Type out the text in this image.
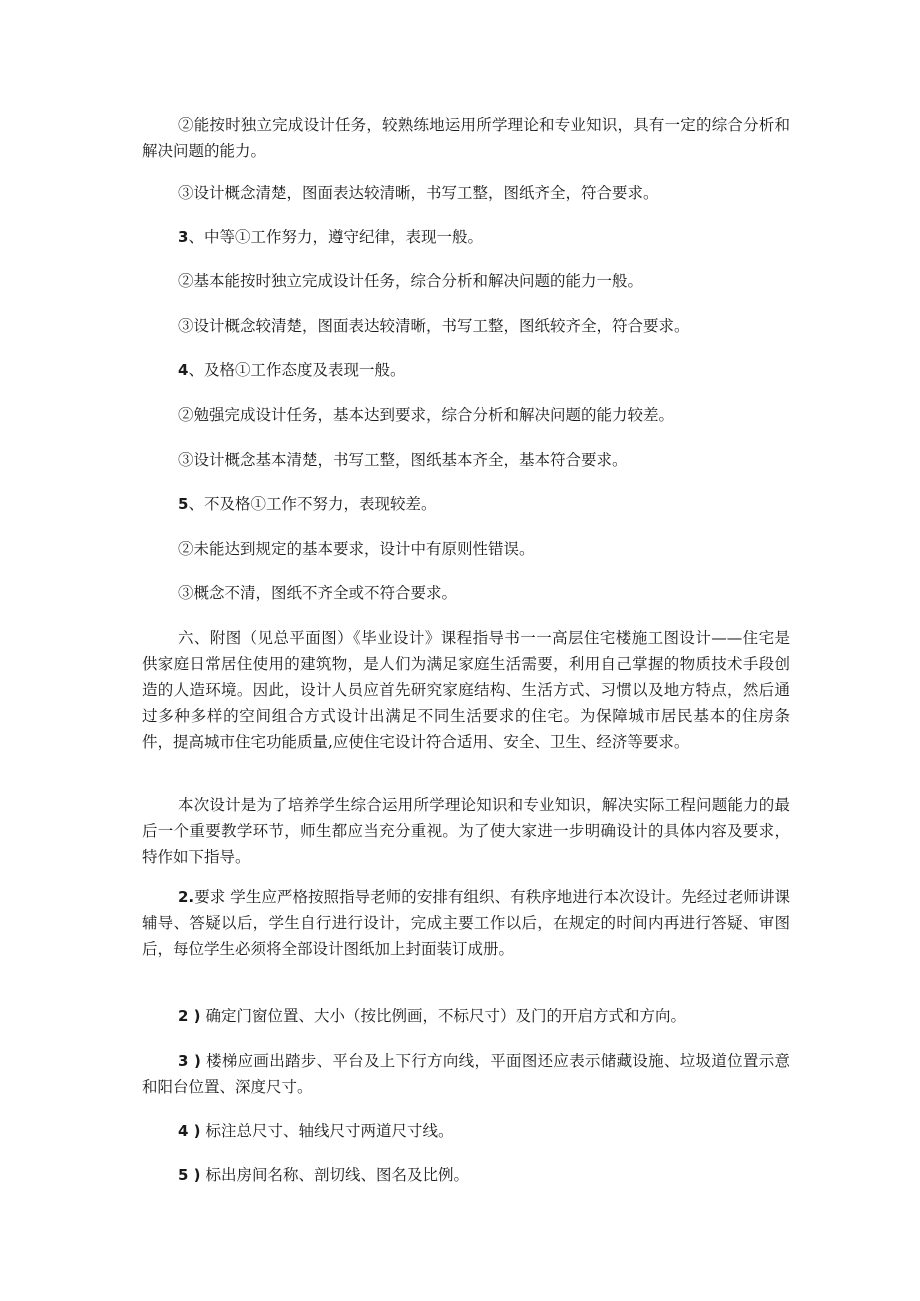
②能按时独立完成设计任务，较熟练地运用所学理论和专业知识，具有一定的综合分析和解决问题的能力。

③设计概念清楚，图面表达较清晰，书写工整，图纸齐全，符合要求。

3、中等①工作努力，遵守纪律，表现一般。

②基本能按时独立完成设计任务，综合分析和解决问题的能力一般。

③设计概念较清楚，图面表达较清晰，书写工整，图纸较齐全，符合要求。

4、及格①工作态度及表现一般。

②勉强完成设计任务，基本达到要求，综合分析和解决问题的能力较差。

③设计概念基本清楚，书写工整，图纸基本齐全，基本符合要求。

5、不及格①工作不努力，表现较差。

②未能达到规定的基本要求，设计中有原则性错误。

③概念不清，图纸不齐全或不符合要求。

六、附图（见总平面图）《毕业设计》课程指导书一一高层住宅楼施工图设计——住宅是供家庭日常居住使用的建筑物，是人们为满足家庭生活需要，利用自己掌握的物质技术手段创造的人造环境。因此，设计人员应首先研究家庭结构、生活方式、习惯以及地方特点，然后通过多种多样的空间组合方式设计出满足不同生活要求的住宅。为保障城市居民基本的住房条件，提高城市住宅功能质量,应使住宅设计符合适用、安全、卫生、经济等要求。

本次设计是为了培养学生综合运用所学理论知识和专业知识，解决实际工程问题能力的最后一个重要教学环节，师生都应当充分重视。为了使大家进一步明确设计的具体内容及要求，特作如下指导。

2.要求 学生应严格按照指导老师的安排有组织、有秩序地进行本次设计。先经过老师讲课辅导、答疑以后，学生自行进行设计，完成主要工作以后，在规定的时间内再进行答疑、审图后，每位学生必须将全部设计图纸加上封面装订成册。

2 ) 确定门窗位置、大小（按比例画，不标尺寸）及门的开启方式和方向。

3 ) 楼梯应画出踏步、平台及上下行方向线，平面图还应表示储藏设施、垃圾道位置示意和阳台位置、深度尺寸。

4 ) 标注总尺寸、轴线尺寸两道尺寸线。

5 ) 标出房间名称、剖切线、图名及比例。
